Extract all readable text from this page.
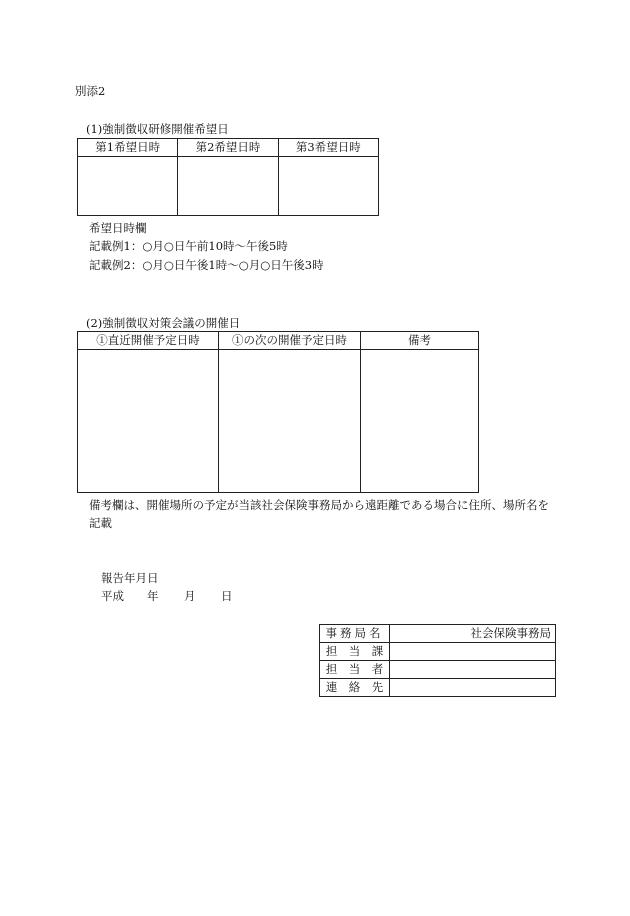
別添2
(1)強制徴収研修開催希望日
第1希望日時	第2希望日時	第3希望日時

希望日時欄
記載例1：○月○日午前10時～午後5時
記載例2：○月○日午後1時～○月○日午後3時
(2)強制徴収対策会議の開催日
①直近開催予定日時	①の次の開催予定日時	備考

備考欄は、開催場所の予定が当該社会保険事務局から遠距離である場合に住所、場所名を記載
報告年月日
平成 年 月 日
事務局名	社会保険事務局
担　当　課	
担　当　者	
連　絡　先	
